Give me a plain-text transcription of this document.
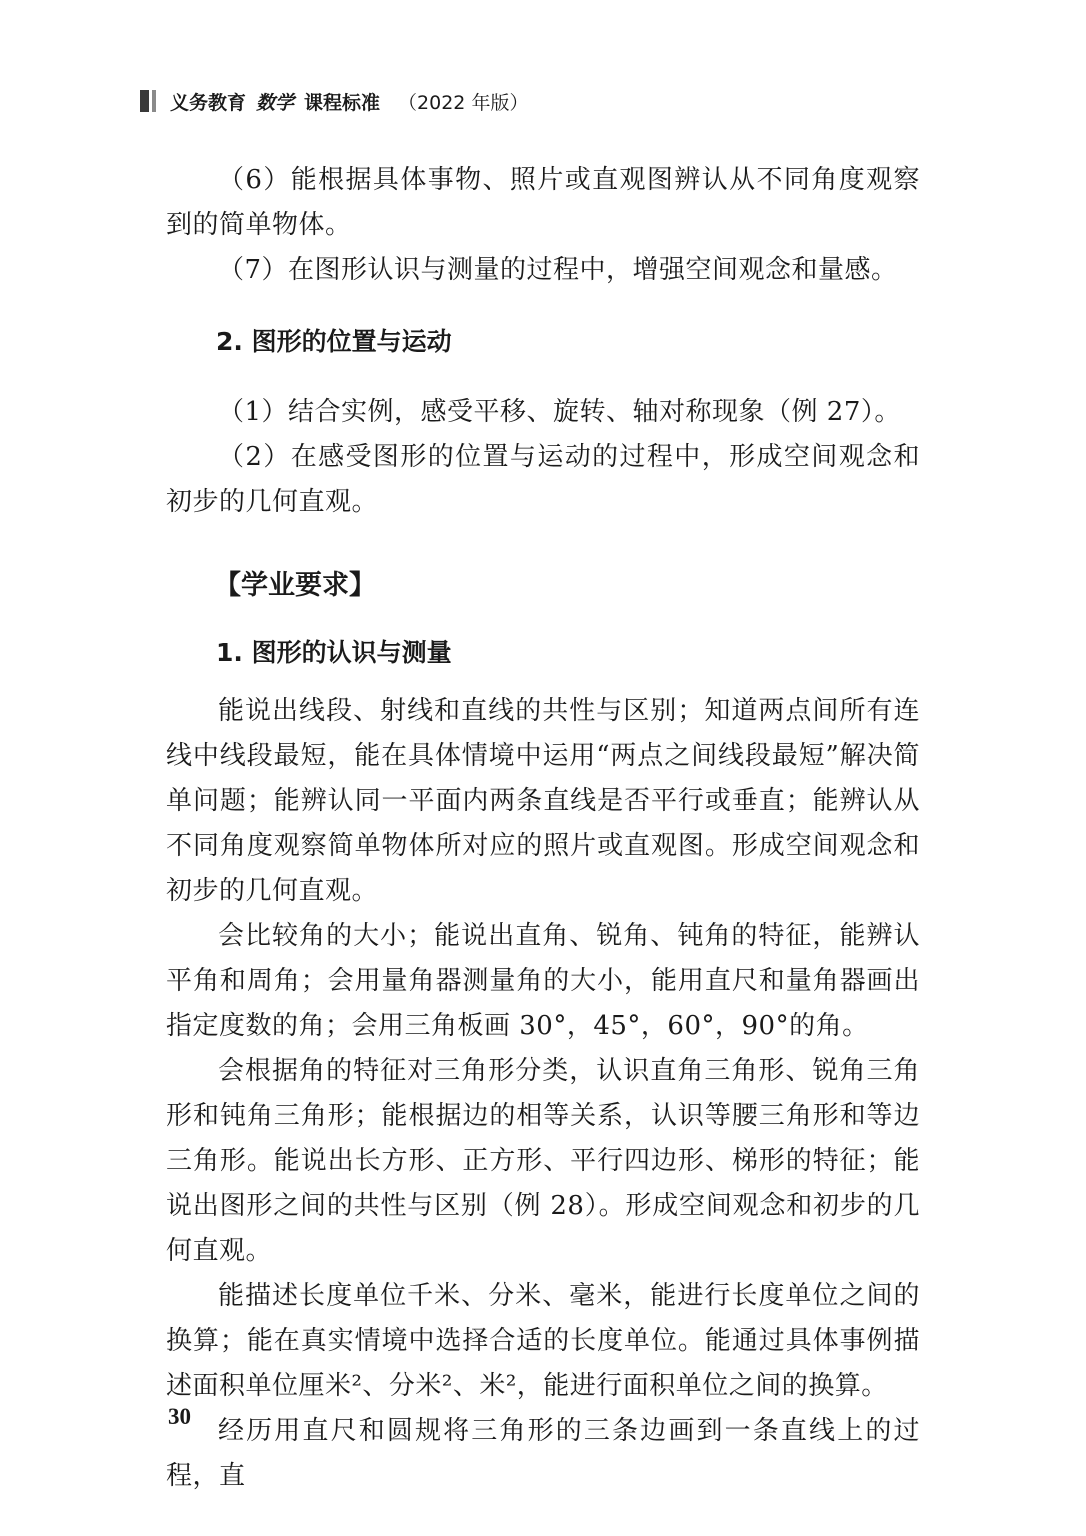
义务教育 数学 课程标准 （2022 年版）

（6）能根据具体事物、照片或直观图辨认从不同角度观察到的简单物体。

（7）在图形认识与测量的过程中，增强空间观念和量感。

2. 图形的位置与运动

（1）结合实例，感受平移、旋转、轴对称现象（例 27）。

（2）在感受图形的位置与运动的过程中，形成空间观念和初步的几何直观。

【学业要求】
1. 图形的认识与测量

能说出线段、射线和直线的共性与区别；知道两点间所有连线中线段最短，能在具体情境中运用“两点之间线段最短”解决简单问题；能辨认同一平面内两条直线是否平行或垂直；能辨认从不同角度观察简单物体所对应的照片或直观图。形成空间观念和初步的几何直观。

会比较角的大小；能说出直角、锐角、钝角的特征，能辨认平角和周角；会用量角器测量角的大小，能用直尺和量角器画出指定度数的角；会用三角板画 30°，45°，60°，90°的角。

会根据角的特征对三角形分类，认识直角三角形、锐角三角形和钝角三角形；能根据边的相等关系，认识等腰三角形和等边三角形。能说出长方形、正方形、平行四边形、梯形的特征；能说出图形之间的共性与区别（例 28）。形成空间观念和初步的几何直观。

能描述长度单位千米、分米、毫米，能进行长度单位之间的换算；能在真实情境中选择合适的长度单位。能通过具体事例描述面积单位厘米²、分米²、米²，能进行面积单位之间的换算。

经历用直尺和圆规将三角形的三条边画到一条直线上的过程，直

30
